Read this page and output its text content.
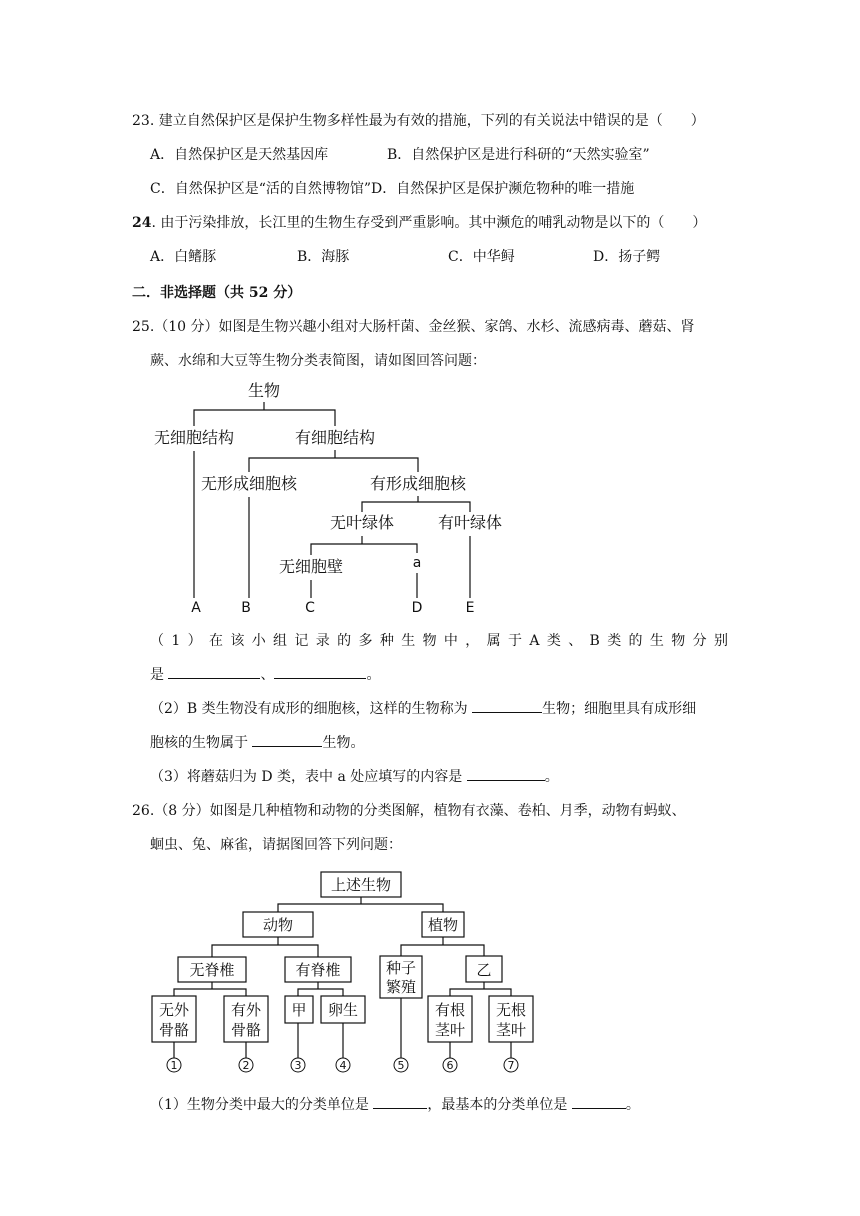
23. 建立自然保护区是保护生物多样性最为有效的措施，下列的有关说法中错误的是（　　）
A．自然保护区是天然基因库	B．自然保护区是进行科研的“天然实验室”
C．自然保护区是“活的自然博物馆”D．自然保护区是保护濒危物种的唯一措施
24. 由于污染排放，长江里的生物生存受到严重影响。其中濒危的哺乳动物是以下的（　　）
A．白鳍豚	B．海豚	C．中华鲟	D．扬子鳄
二．非选择题（共 52 分）
25.（10 分）如图是生物兴趣小组对大肠杆菌、金丝猴、家鸽、水杉、流感病毒、蘑菇、肾
蕨、水绵和大豆等生物分类表简图，请如图回答问题：
生物
无细胞结构	有细胞结构
无形成细胞核	有形成细胞核
无叶绿体	有叶绿体
无细胞壁	a
A	B	C	D	E
（1）在该小组记录的多种生物中，属于A类、B类的生物分别
是	、	。
（2）B 类生物没有成形的细胞核，这样的生物称为	生物；细胞里具有成形细
胞核的生物属于	生物。
（3）将蘑菇归为 D 类，表中 a 处应填写的内容是	。
26.（8 分）如图是几种植物和动物的分类图解，植物有衣藻、卷柏、月季，动物有蚂蚁、
蛔虫、兔、麻雀，请据图回答下列问题：
上述生物
动物	植物
无脊椎	有脊椎	种子
繁殖
乙
无外
骨骼
有外
骨骼
甲 卵生	有根
茎叶
无根
茎叶
1	2	3	4	5	6	7
（1）生物分类中最大的分类单位是	，最基本的分类单位是	。
